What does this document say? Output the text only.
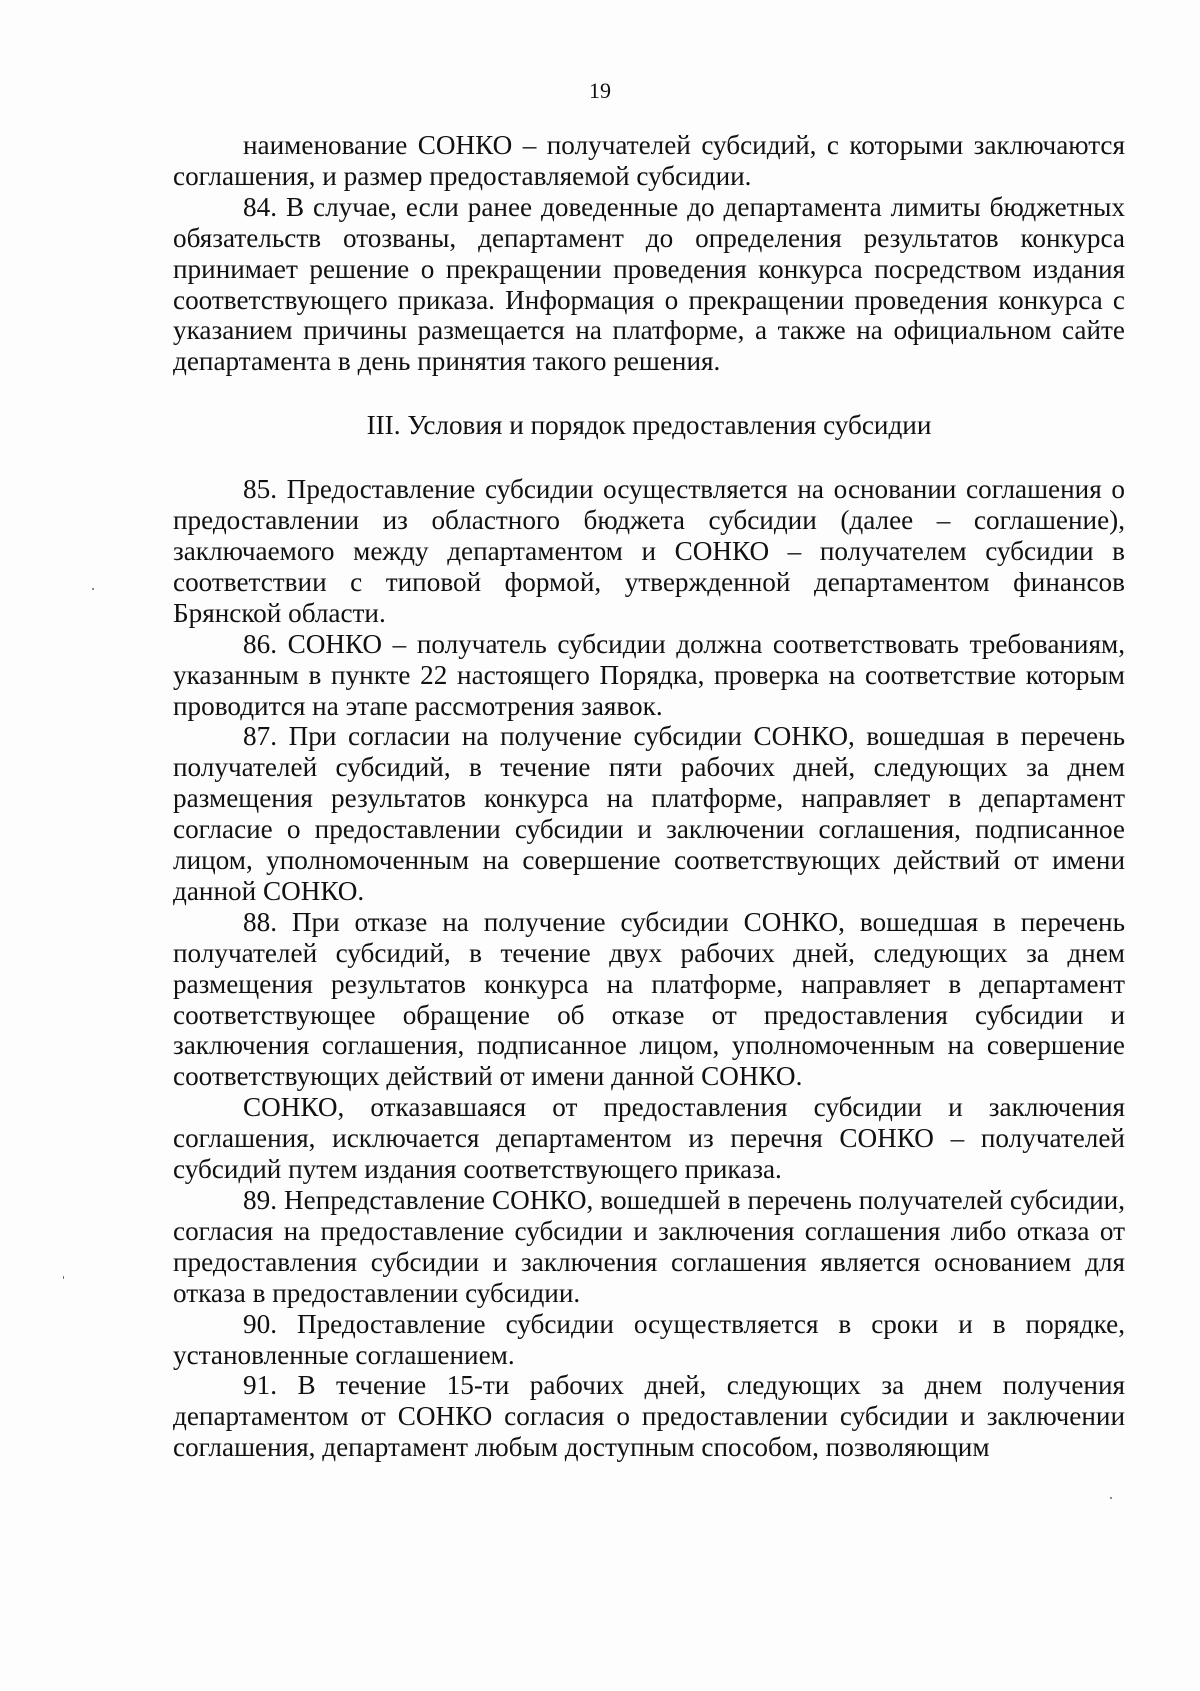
19

наименование СОНКО – получателей субсидий, с которыми заключаются соглашения, и размер предоставляемой субсидии.

84. В случае, если ранее доведенные до департамента лимиты бюджетных обязательств отозваны, департамент до определения результатов конкурса принимает решение о прекращении проведения конкурса посредством издания соответствующего приказа. Информация о прекращении проведения конкурса с указанием причины размещается на платформе, а также на официальном сайте департамента в день принятия такого решения.

III. Условия и порядок предоставления субсидии

85. Предоставление субсидии осуществляется на основании соглашения о предоставлении из областного бюджета субсидии (далее – соглашение), заключаемого между департаментом и СОНКО – получателем субсидии в соответствии с типовой формой, утвержденной департаментом финансов Брянской области.

86. СОНКО – получатель субсидии должна соответствовать требованиям, указанным в пункте 22 настоящего Порядка, проверка на соответствие которым проводится на этапе рассмотрения заявок.

87. При согласии на получение субсидии СОНКО, вошедшая в перечень получателей субсидий, в течение пяти рабочих дней, следующих за днем размещения результатов конкурса на платформе, направляет в департамент согласие о предоставлении субсидии и заключении соглашения, подписанное лицом, уполномоченным на совершение соответствующих действий от имени данной СОНКО.

88. При отказе на получение субсидии СОНКО, вошедшая в перечень получателей субсидий, в течение двух рабочих дней, следующих за днем размещения результатов конкурса на платформе, направляет в департамент соответствующее обращение об отказе от предоставления субсидии и заключения соглашения, подписанное лицом, уполномоченным на совершение соответствующих действий от имени данной СОНКО.

СОНКО, отказавшаяся от предоставления субсидии и заключения соглашения, исключается департаментом из перечня СОНКО – получателей субсидий путем издания соответствующего приказа.

89. Непредставление СОНКО, вошедшей в перечень получателей субсидии, согласия на предоставление субсидии и заключения соглашения либо отказа от предоставления субсидии и заключения соглашения является основанием для отказа в предоставлении субсидии.

90. Предоставление субсидии осуществляется в сроки и в порядке, установленные соглашением.

91. В течение 15-ти рабочих дней, следующих за днем получения департаментом от СОНКО согласия о предоставлении субсидии и заключении соглашения, департамент любым доступным способом, позволяющим
